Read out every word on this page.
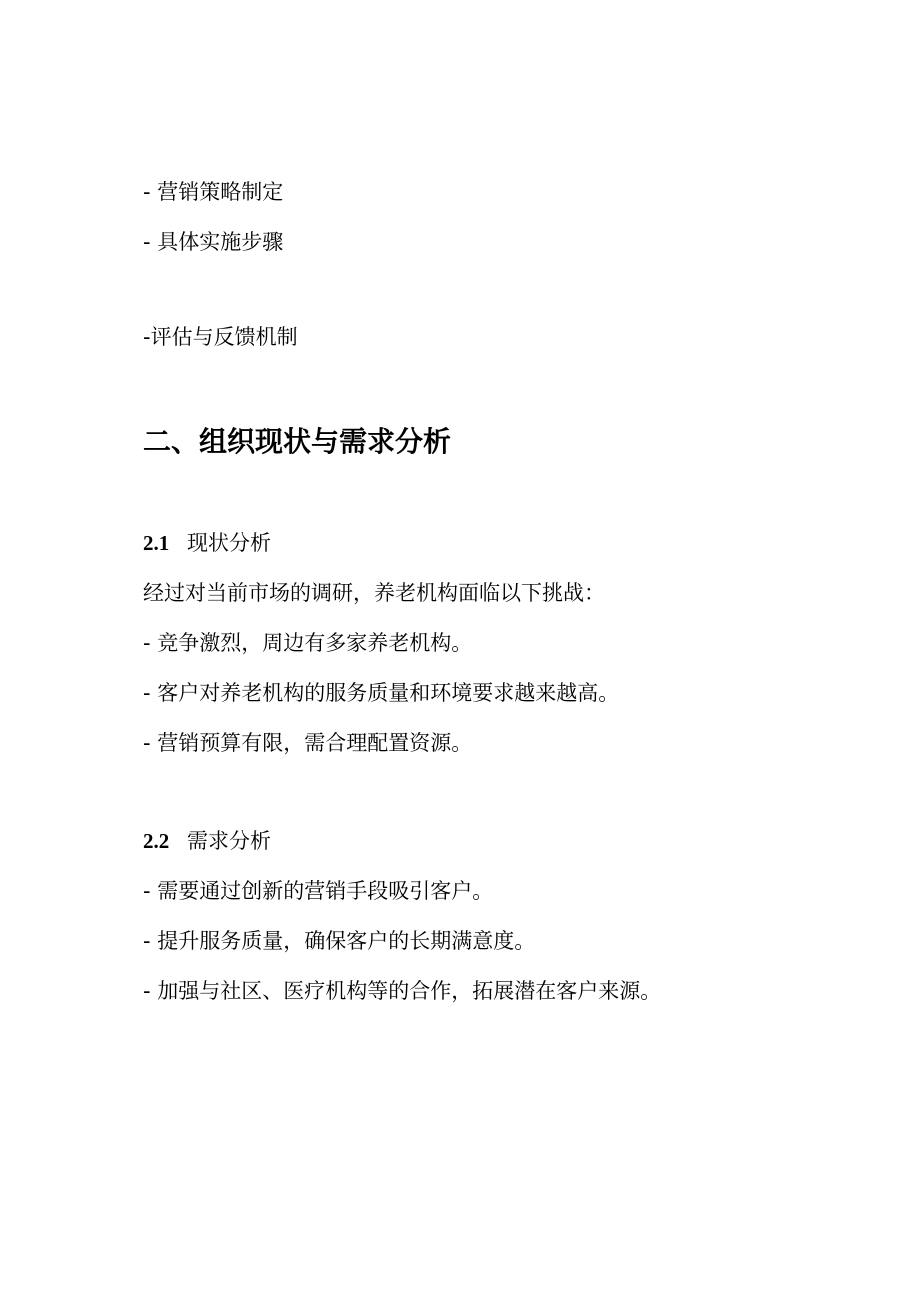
- 营销策略制定
- 具体实施步骤
-评估与反馈机制
二、组织现状与需求分析
2.1 现状分析
经过对当前市场的调研，养老机构面临以下挑战：
- 竞争激烈，周边有多家养老机构。
- 客户对养老机构的服务质量和环境要求越来越高。
- 营销预算有限，需合理配置资源。
2.2 需求分析
- 需要通过创新的营销手段吸引客户。
- 提升服务质量，确保客户的长期满意度。
- 加强与社区、医疗机构等的合作，拓展潜在客户来源。
